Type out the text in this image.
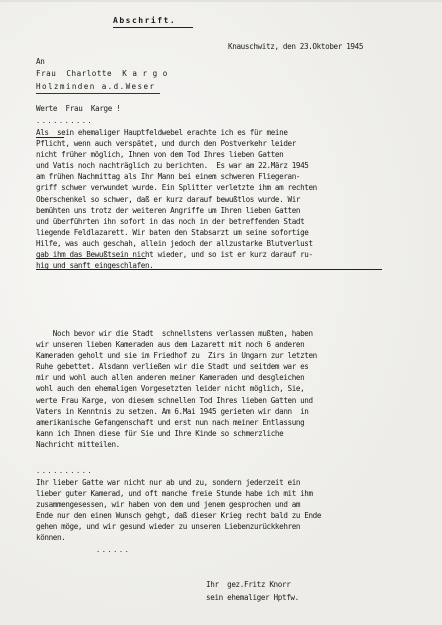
Abschrift.
Knauschwitz, den 23.Oktober 1945
An
Frau  Charlotte  K a r g o
Holzminden a.d.Weser
Werte  Frau  Karge !
..........
Als  sein ehemaliger Hauptfeldwebel erachte ich es für meine
Pflicht, wenn auch verspätet, und durch den Postverkehr leider
nicht früher möglich, Ihnen von dem Tod Ihres lieben Gatten
und Vatis noch nachträglich zu berichten.  Es war am 22.März 1945
am frühen Nachmittag als Ihr Mann bei einem schweren Fliegeran-
griff schwer verwundet wurde. Ein Splitter verletzte ihm am rechten
Oberschenkel so schwer, daß er kurz darauf bewußtlos wurde. Wir
bemühten uns trotz der weiteren Angriffe um Ihren lieben Gatten
und überführten ihn sofort in das noch in der betreffenden Stadt
liegende Feldlazarett. Wir baten den Stabsarzt um seine sofortige
Hilfe, was auch geschah, allein jedoch der allzustarke Blutverlust
gab ihm das Bewußtsein nicht wieder, und so ist er kurz darauf ru-
hig und sanft eingeschlafen.
Noch bevor wir die Stadt  schnellstens verlassen mußten, haben
wir unseren lieben Kameraden aus dem Lazarett mit noch 6 anderen
Kameraden geholt und sie im Friedhof zu  Zirs in Ungarn zur letzten
Ruhe gebettet. Alsdann verließen wir die Stadt und seitdem war es
mir und wohl auch allen anderen meiner Kameraden und desgleichen
wohl auch den ehemaligen Vorgesetzten leider nicht möglich, Sie,
werte Frau Karge, von diesem schnellen Tod Ihres lieben Gatten und
Vaters in Kenntnis zu setzen. Am 6.Mai 1945 gerieten wir dann  in
amerikanische Gefangenschaft und erst nun nach meiner Entlassung
kann ich Ihnen diese für Sie und Ihre Kinde so schmerzliche
Nachricht mitteilen.
..........
Ihr lieber Gatte war nicht nur ab und zu, sondern jederzeit ein
lieber guter Kamerad, und oft manche freie Stunde habe ich mit ihm
zusammengesessen, wir haben von dem und jenem gesprochen und am
Ende nur den einen Wunsch gehgt, daß dieser Krieg recht bald zu Ende
gehen möge, und wir gesund wieder zu unseren Liebenzurückkehren
können.
......
Ihr  gez.Fritz Knorr
sein ehemaliger Hptfw.
